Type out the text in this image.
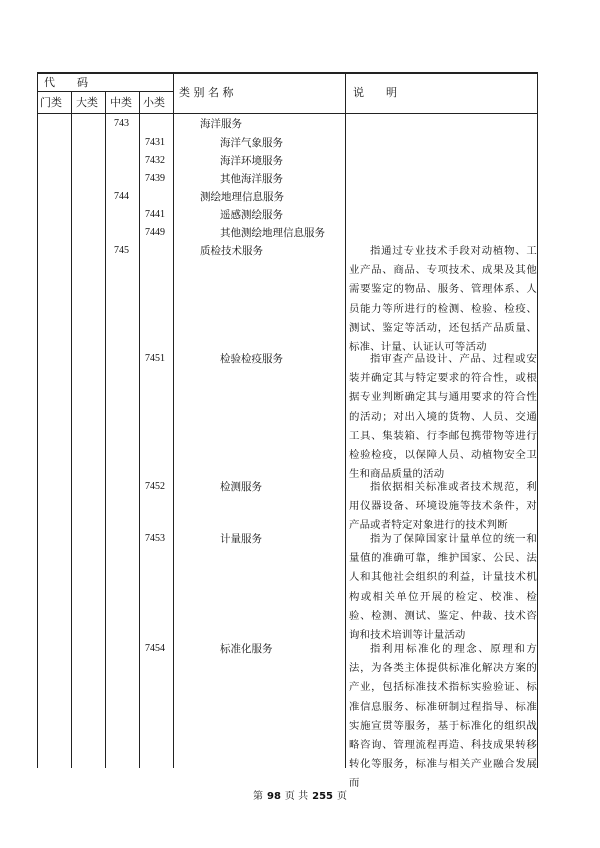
代　　码
门类 大类 中类 小类
类 别 名 称	说　　明
743	海洋服务
7431	海洋气象服务
7432	海洋环境服务
7439	其他海洋服务
744	测绘地理信息服务
7441	遥感测绘服务
7449	其他测绘地理信息服务
745	质检技术服务	指通过专业技术手段对动植物、工业产品、商品、专项技术、成果及其他需要鉴定的物品、服务、管理体系、人员能力等所进行的检测、检验、检疫、测试、鉴定等活动，还包括产品质量、标准、计量、认证认可等活动

7451	检验检疫服务	指审查产品设计、产品、过程或安装并确定其与特定要求的符合性，或根据专业判断确定其与通用要求的符合性的活动；对出入境的货物、人员、交通工具、集装箱、行李邮包携带物等进行检验检疫，以保障人员、动植物安全卫生和商品质量的活动

7452	检测服务	指依据相关标准或者技术规范，利用仪器设备、环境设施等技术条件，对产品或者特定对象进行的技术判断

7453	计量服务	指为了保障国家计量单位的统一和量值的准确可靠，维护国家、公民、法人和其他社会组织的利益，计量技术机构或相关单位开展的检定、校准、检验、检测、测试、鉴定、仲裁、技术咨询和技术培训等计量活动

7454	标准化服务	指利用标准化的理念、原理和方法，为各类主体提供标准化解决方案的产业，包括标准技术指标实验验证、标准信息服务、标准研制过程指导、标准实施宣贯等服务，基于标准化的组织战略咨询、管理流程再造、科技成果转移转化等服务，标准与相关产业融合发展而

第 98 页 共 255 页
